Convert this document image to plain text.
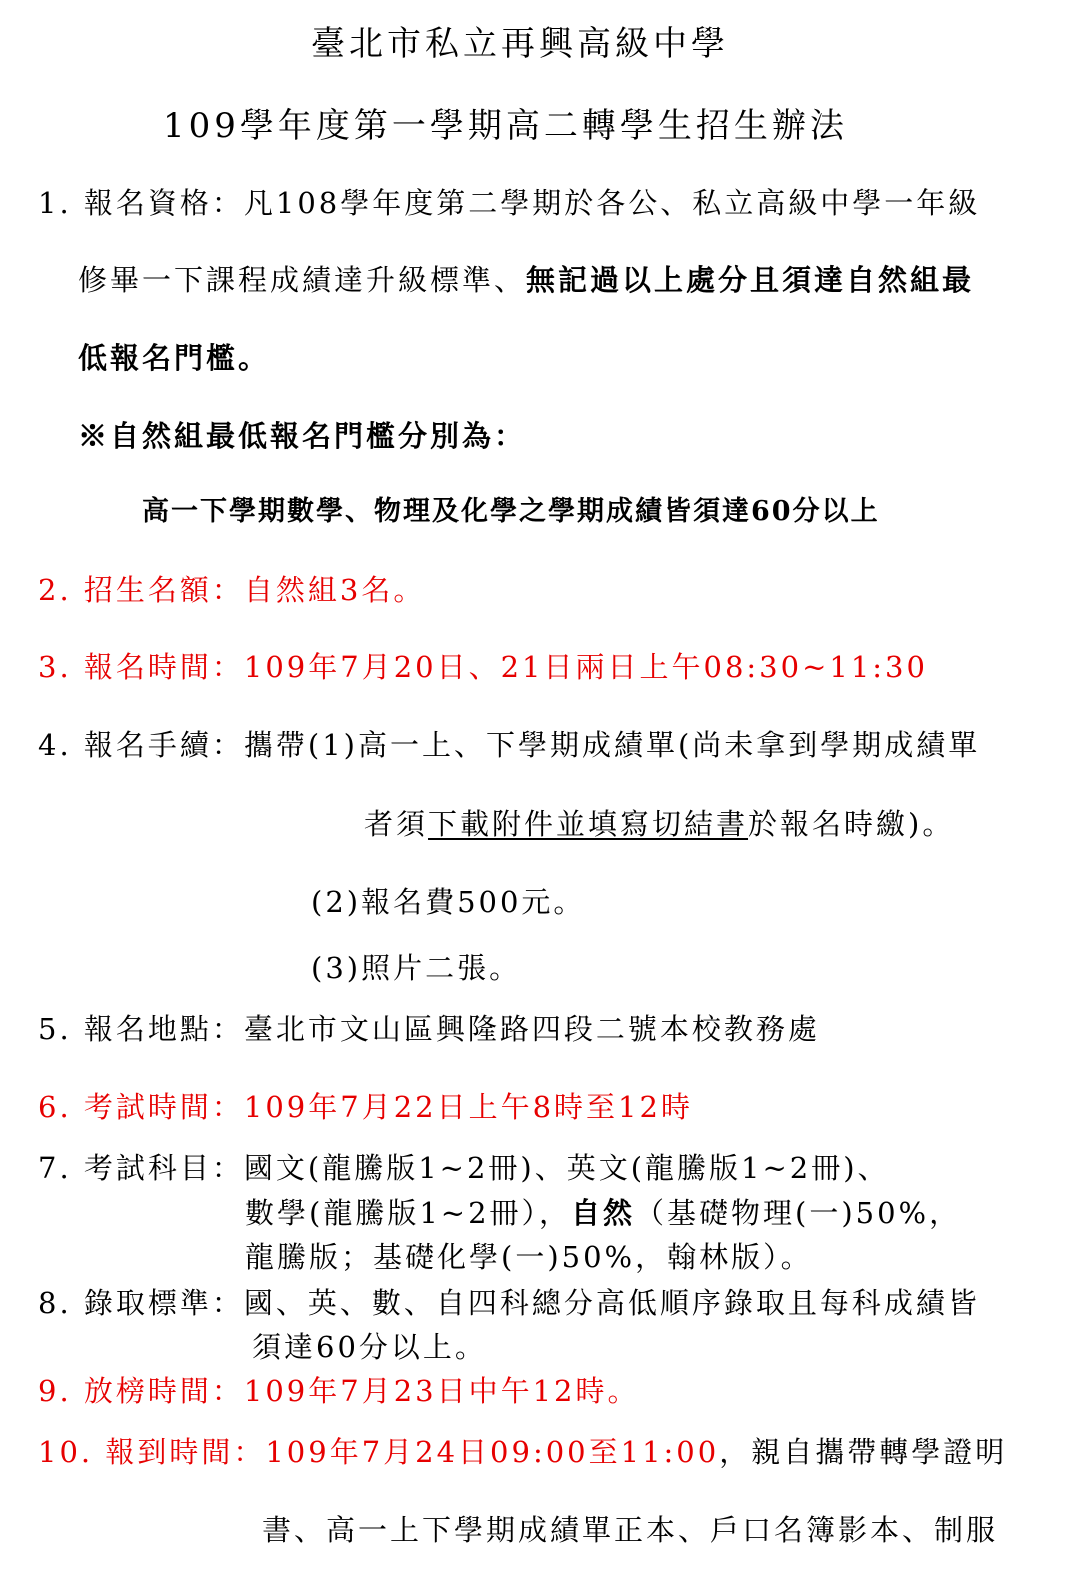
臺北市私立再興高級中學
109學年度第一學期高二轉學生招生辦法
1. 報名資格：凡108學年度第二學期於各公、私立高級中學一年級
修畢一下課程成績達升級標準、無記過以上處分且須達自然組最
低報名門檻。
※自然組最低報名門檻分別為：
高一下學期數學、物理及化學之學期成績皆須達60分以上
2. 招生名額：自然組3名。
3. 報名時間：109年7月20日、21日兩日上午08:30~11:30
4. 報名手續：攜帶(1)高一上、下學期成績單(尚未拿到學期成績單
者須下載附件並填寫切結書於報名時繳)。
(2)報名費500元。
(3)照片二張。
5. 報名地點：臺北市文山區興隆路四段二號本校教務處
6. 考試時間：109年7月22日上午8時至12時
7. 考試科目：國文(龍騰版1~2冊)、英文(龍騰版1~2冊)、
數學(龍騰版1~2冊），自然（基礎物理(一)50%，
龍騰版；基礎化學(一)50%，翰林版）。
8. 錄取標準：國、英、數、自四科總分高低順序錄取且每科成績皆
須達60分以上。
9. 放榜時間：109年7月23日中午12時。
10. 報到時間：109年7月24日09:00至11:00，親自攜帶轉學證明
書、高一上下學期成績單正本、戶口名簿影本、制服
